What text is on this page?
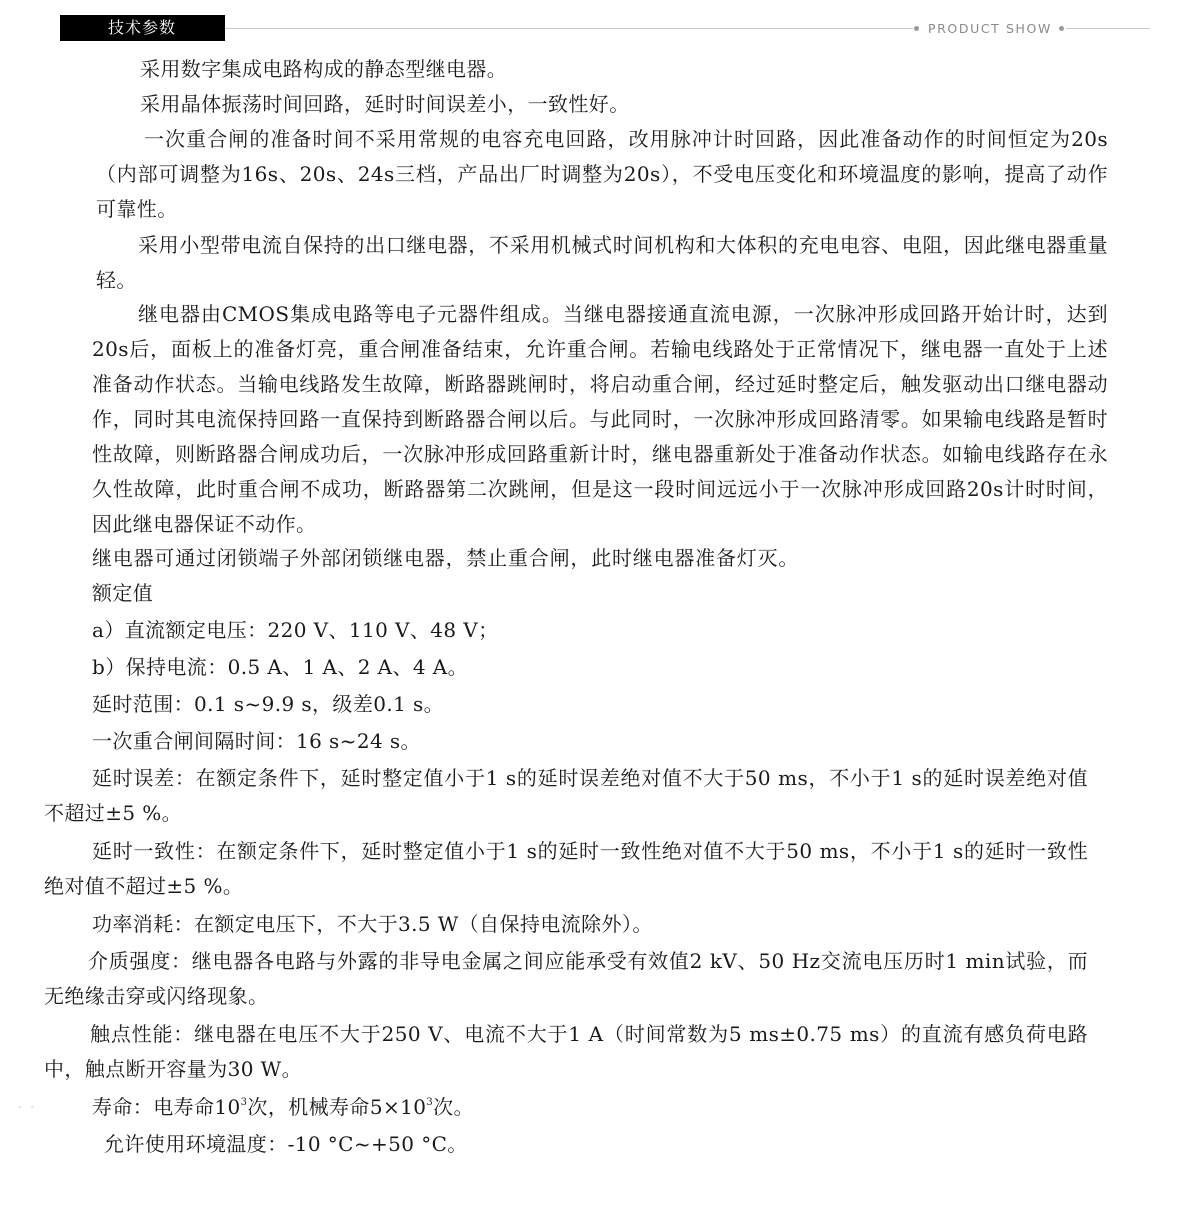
技术参数	PRODUCT SHOW

采用数字集成电路构成的静态型继电器。

采用晶体振荡时间回路，延时时间误差小，一致性好。

一次重合闸的准备时间不采用常规的电容充电回路，改用脉冲计时回路，因此准备动作的时间恒定为20s（内部可调整为16s、20s、24s三档，产品出厂时调整为20s），不受电压变化和环境温度的影响，提高了动作可靠性。

采用小型带电流自保持的出口继电器，不采用机械式时间机构和大体积的充电电容、电阻，因此继电器重量轻。

继电器由CMOS集成电路等电子元器件组成。当继电器接通直流电源，一次脉冲形成回路开始计时，达到20s后，面板上的准备灯亮，重合闸准备结束，允许重合闸。若输电线路处于正常情况下，继电器一直处于上述准备动作状态。当输电线路发生故障，断路器跳闸时，将启动重合闸，经过延时整定后，触发驱动出口继电器动作，同时其电流保持回路一直保持到断路器合闸以后。与此同时，一次脉冲形成回路清零。如果输电线路是暂时性故障，则断路器合闸成功后，一次脉冲形成回路重新计时，继电器重新处于准备动作状态。如输电线路存在永久性故障，此时重合闸不成功，断路器第二次跳闸，但是这一段时间远远小于一次脉冲形成回路20s计时时间，因此继电器保证不动作。

继电器可通过闭锁端子外部闭锁继电器，禁止重合闸，此时继电器准备灯灭。

额定值

a）直流额定电压：220 V、110 V、48 V；

b）保持电流：0.5 A、1 A、2 A、4 A。

延时范围：0.1 s~9.9 s，级差0.1 s。

一次重合闸间隔时间：16 s~24 s。

延时误差：在额定条件下，延时整定值小于1 s的延时误差绝对值不大于50 ms，不小于1 s的延时误差绝对值不超过±5 %。

延时一致性：在额定条件下，延时整定值小于1 s的延时一致性绝对值不大于50 ms，不小于1 s的延时一致性绝对值不超过±5 %。

功率消耗：在额定电压下，不大于3.5 W（自保持电流除外）。

介质强度：继电器各电路与外露的非导电金属之间应能承受有效值2 kV、50 Hz交流电压历时1 min试验，而无绝缘击穿或闪络现象。

触点性能：继电器在电压不大于250 V、电流不大于1 A（时间常数为5 ms±0.75 ms）的直流有感负荷电路中，触点断开容量为30 W。

- -	寿命：电寿命$10^3$次，机械寿命$5\times 10^3$次。

允许使用环境温度：-10 °C~+50 °C。
